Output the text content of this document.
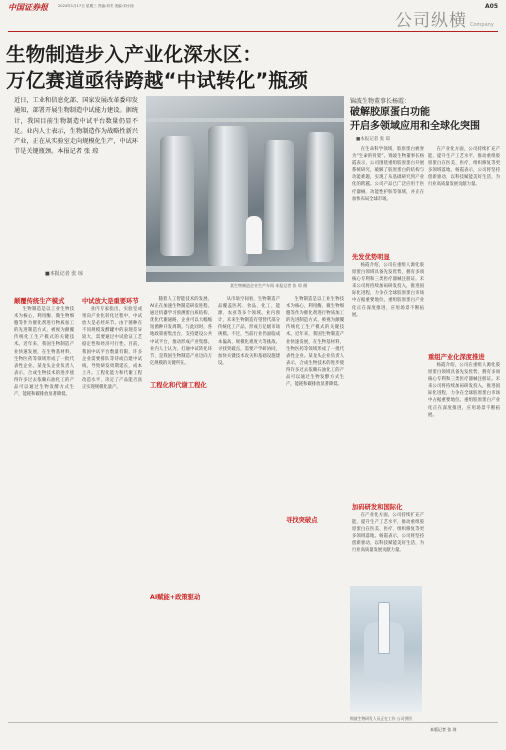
中国证券报	2024年1月17日 星期三 责编:刘冬 美编:刘小扬	A05
公司纵横 Company
生物制造步入产业化深水区：
万亿赛道亟待跨越“中试转化”瓶颈
近日，工业和信息化部、国家发展改革委印发通知，部署开展生物制造中试能力建设。据统计，我国目前生物制造中试平台数量仍显不足。业内人士表示，生物制造作为战略性新兴产业，正在从实验室走向规模化生产，中试环节是关键瓶颈。本报记者 张 琼
■本报记者 张 琼
某生物制造企业生产车间 本报记者 张 琼 摄
颠覆传统生产模式

生物制造是以工业生物技术为核心，利用酶、微生物细胞等作为催化剂进行物质加工的先进制造方式，被视为颠覆传统化工生产模式的关键技术。近年来，我国生物制造产业快速发展，在生物基材料、生物医药等领域形成了一批代表性企业。某龙头企业负责人表示，合成生物技术的进步使得许多过去依赖石油化工的产品可以通过生物发酵方式生产，能耗和碳排放显著降低。

中试放大是重要环节

业内专家指出，实验室成果向产业化转化过程中，中试放大是必经环节。由于菌种在不同规模发酵罐中的表现差异较大，需要通过中试验证工艺稳定性和经济可行性。目前，我国中试平台数量有限，许多企业需要排队等待或自建中试线，导致研发周期延长，成本上升。工程化能力和代谢工程改造水平，决定了产品能否真正实现规模化量产。	工程化和代谢工程化

随着人工智能技术的发展，AI正在加速生物制造研发进程。通过机器学习预测蛋白质结构、优化代谢通路，企业可以大幅缩短菌种开发周期。与此同时，各地政策密集出台，支持建设公共中试平台，推动形成产业集群。业内人士认为，打通中试转化环节，是我国生物制造产业迈向万亿规模的关键所在。

AI赋能+政策驱动

从市场空间看，生物制造产品覆盖医药、食品、化工、能源、农业等多个领域。业内预计，未来生物制造有望替代部分传统化工产品，形成万亿级市场规模。不过，当前行业仍面临成本偏高、规模化难度大等挑战。寻找突破点，需要产学研协同，加快关键技术攻关和基础设施建设。

寻找突破点

生物制造是以工业生物技术为核心，利用酶、微生物细胞等作为催化剂进行物质加工的先进制造方式，被视为颠覆传统化工生产模式的关键技术。近年来，我国生物制造产业快速发展，在生物基材料、生物医药等领域形成了一批代表性企业。某龙头企业负责人表示，合成生物技术的进步使得许多过去依赖石油化工的产品可以通过生物发酵方式生产，能耗和碳排放显著降低。

锦波生物董事长杨霞：
破解胶原蛋白功能
开启多领域应用和全球化突围
■本报记者 张 琼

在生命科学领域，胶原蛋白被誉为“生命的骨架”。锦波生物董事长杨霞表示，公司围绕重组胶原蛋白开展系统研究，破解了胶原蛋白的结构与功能难题，实现了从基础研究到产业化的跨越。公司产品已广泛应用于医疗器械、功能性护肤等领域，并正在加快布局全球市场。

先发优势明显

杨霞介绍，公司在重组人源化胶原蛋白领域具备先发优势，拥有多项核心专利和三类医疗器械注册证。未来公司将持续加码研发投入，推进国际化进程，力争在全球胶原蛋白市场中占据重要地位。重组胶原蛋白产业化正在深度推进，应用场景不断拓展。

加码研发和国际化

在产业化方面，公司持续扩充产能，提升生产工艺水平，推动重组胶原蛋白在医美、医疗、组织修复等更多领域落地。杨霞表示，公司将坚持创新驱动，以科技赋能美好生活，为行业高质量发展贡献力量。

在产业化方面，公司持续扩充产能，提升生产工艺水平，推动重组胶原蛋白在医美、医疗、组织修复等更多领域落地。杨霞表示，公司将坚持创新驱动，以科技赋能美好生活，为行业高质量发展贡献力量。

重组产业化深度推进

杨霞介绍，公司在重组人源化胶原蛋白领域具备先发优势，拥有多项核心专利和三类医疗器械注册证。未来公司将持续加码研发投入，推进国际化进程，力争在全球胶原蛋白市场中占据重要地位。重组胶原蛋白产业化正在深度推进，应用场景不断拓展。

锦波生物研发人员正在工作 公司供图
本版记者 张 琼
